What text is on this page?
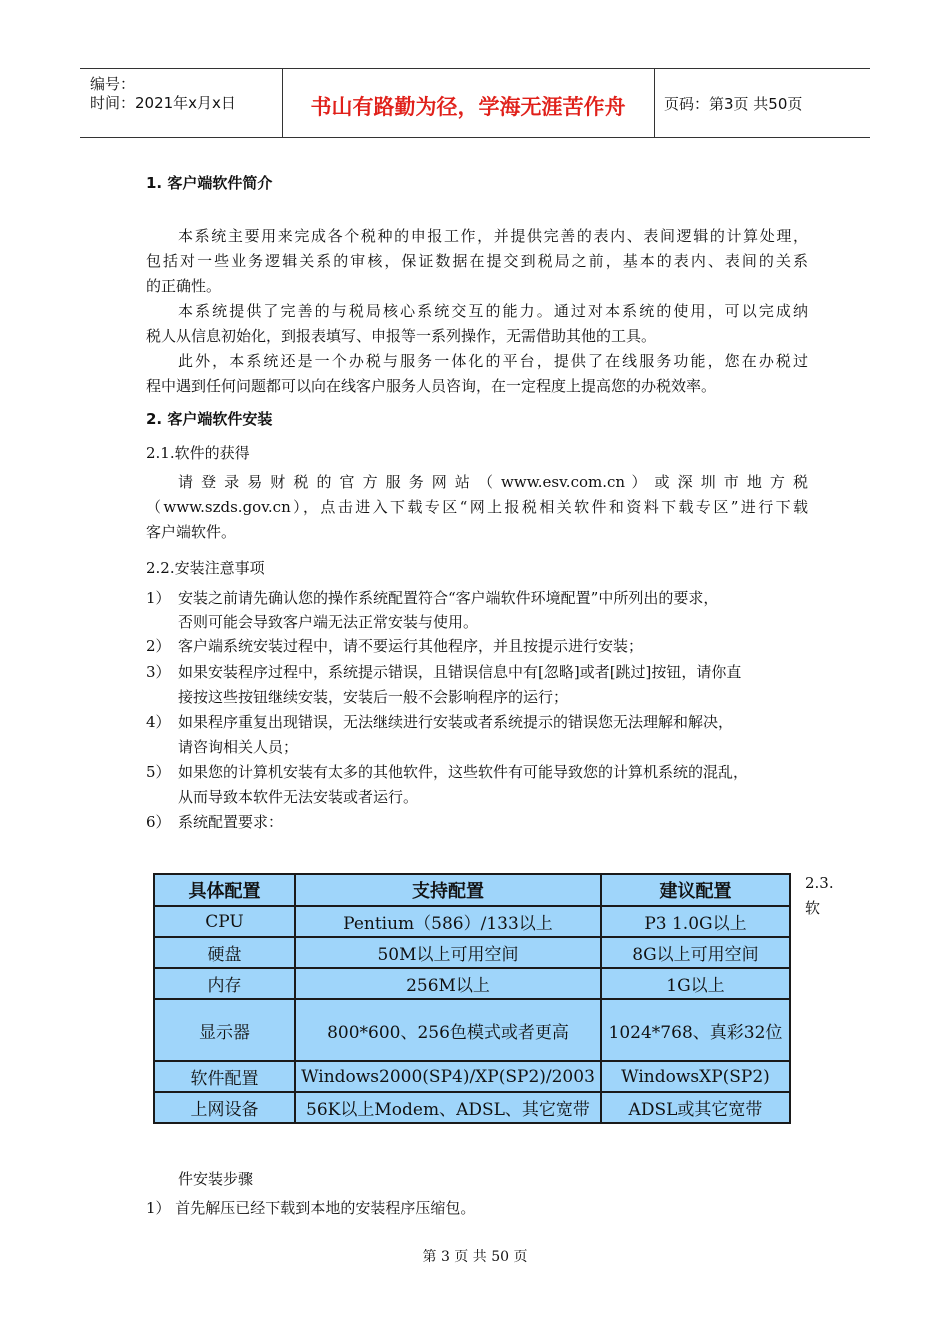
编号：
时间：2021年x月x日	书山有路勤为径，学海无涯苦作舟	页码：第3页 共50页
1. 客户端软件简介
本系统主要用来完成各个税种的申报工作，并提供完善的表内、表间逻辑的计算处理，
包括对一些业务逻辑关系的审核，保证数据在提交到税局之前，基本的表内、表间的关系
的正确性。
本系统提供了完善的与税局核心系统交互的能力。通过对本系统的使用，可以完成纳
税人从信息初始化，到报表填写、申报等一系列操作，无需借助其他的工具。
此外，本系统还是一个办税与服务一体化的平台，提供了在线服务功能，您在办税过
程中遇到任何问题都可以向在线客户服务人员咨询，在一定程度上提高您的办税效率。
2. 客户端软件安装
2.1.软件的获得
请 登 录 易 财 税 的 官 方 服 务 网 站 （ www.esv.com.cn ） 或 深 圳 市 地 方 税
（www.szds.gov.cn），点击进入下载专区“网上报税相关软件和资料下载专区”进行下载
客户端软件。
2.2.安装注意事项
1） 安装之前请先确认您的操作系统配置符合“客户端软件环境配置”中所列出的要求，
否则可能会导致客户端无法正常安装与使用。
2） 客户端系统安装过程中，请不要运行其他程序，并且按提示进行安装；
3） 如果安装程序过程中，系统提示错误，且错误信息中有[忽略]或者[跳过]按钮，请你直
接按这些按钮继续安装，安装后一般不会影响程序的运行；
4） 如果程序重复出现错误，无法继续进行安装或者系统提示的错误您无法理解和解决，
请咨询相关人员；
5） 如果您的计算机安装有太多的其他软件，这些软件有可能导致您的计算机系统的混乱，
从而导致本软件无法安装或者运行。
6） 系统配置要求：
具体配置	支持配置	建议配置
CPU	Pentium（586）/133以上	P3 1.0G以上
硬盘	50M以上可用空间	8G以上可用空间
内存	256M以上	1G以上
显示器	800*600、256色模式或者更高	1024*768、真彩32位
软件配置	Windows2000(SP4)/XP(SP2)/2003	WindowsXP(SP2)
上网设备	56K以上Modem、ADSL、其它宽带	ADSL或其它宽带
2.3.
软
件安装步骤
1） 首先解压已经下载到本地的安装程序压缩包。
第 3 页 共 50 页
